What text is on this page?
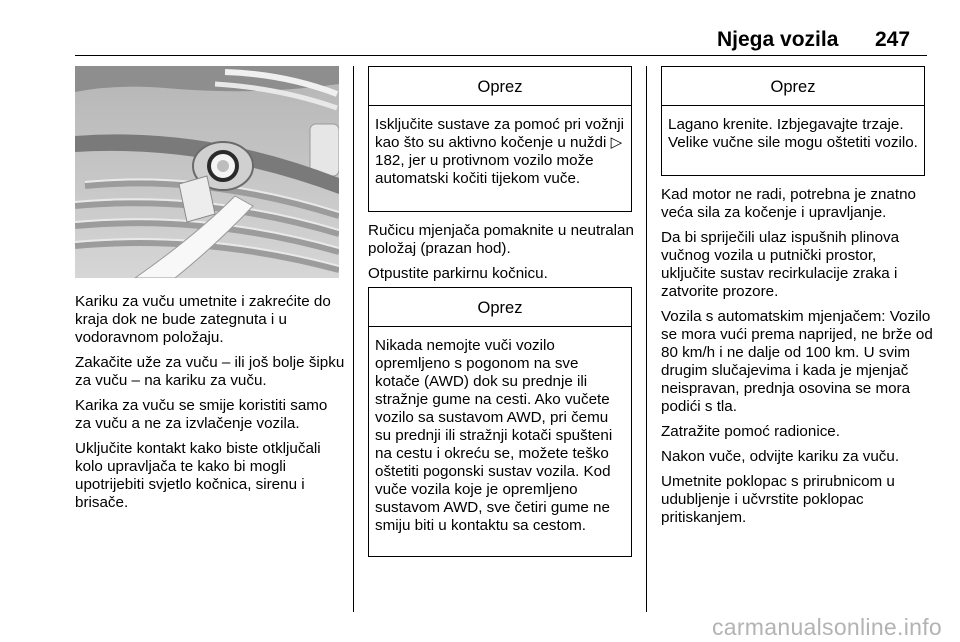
Njega vozila 247

Kariku za vuču umetnite i zakrećite do kraja dok ne bude zategnuta i u vodoravnom položaju.

Zakačite uže za vuču – ili još bolje šipku za vuču – na kariku za vuču.

Karika za vuču se smije koristiti samo za vuču a ne za izvlačenje vozila.

Uključite kontakt kako biste otključali kolo upravljača te kako bi mogli upotrijebiti svjetlo kočnica, sirenu i brisače.

Oprez
Isključite sustave za pomoć pri vožnji kao što su aktivno kočenje u nuždi ▷ 182, jer u protivnom vozilo može automatski kočiti tijekom vuče.

Ručicu mjenjača pomaknite u neutralan položaj (prazan hod).

Otpustite parkirnu kočnicu.

Oprez
Nikada nemojte vuči vozilo opremljeno s pogonom na sve kotače (AWD) dok su prednje ili stražnje gume na cesti. Ako vučete vozilo sa sustavom AWD, pri čemu su prednji ili stražnji kotači spušteni na cestu i okreću se, možete teško oštetiti pogonski sustav vozila. Kod vuče vozila koje je opremljeno sustavom AWD, sve četiri gume ne smiju biti u kontaktu sa cestom.
Oprez
Lagano krenite. Izbjegavajte trzaje. Velike vučne sile mogu oštetiti vozilo.

Kad motor ne radi, potrebna je znatno veća sila za kočenje i upravljanje.

Da bi spriječili ulaz ispušnih plinova vučnog vozila u putnički prostor, uključite sustav recirkulacije zraka i zatvorite prozore.

Vozila s automatskim mjenjačem: Vozilo se mora vući prema naprijed, ne brže od 80 km/h i ne dalje od 100 km. U svim drugim slučajevima i kada je mjenjač neispravan, prednja osovina se mora podići s tla.

Zatražite pomoć radionice.

Nakon vuče, odvijte kariku za vuču.

Umetnite poklopac s prirubnicom u udubljenje i učvrstite poklopac pritiskanjem.

carmanualsonline.info
